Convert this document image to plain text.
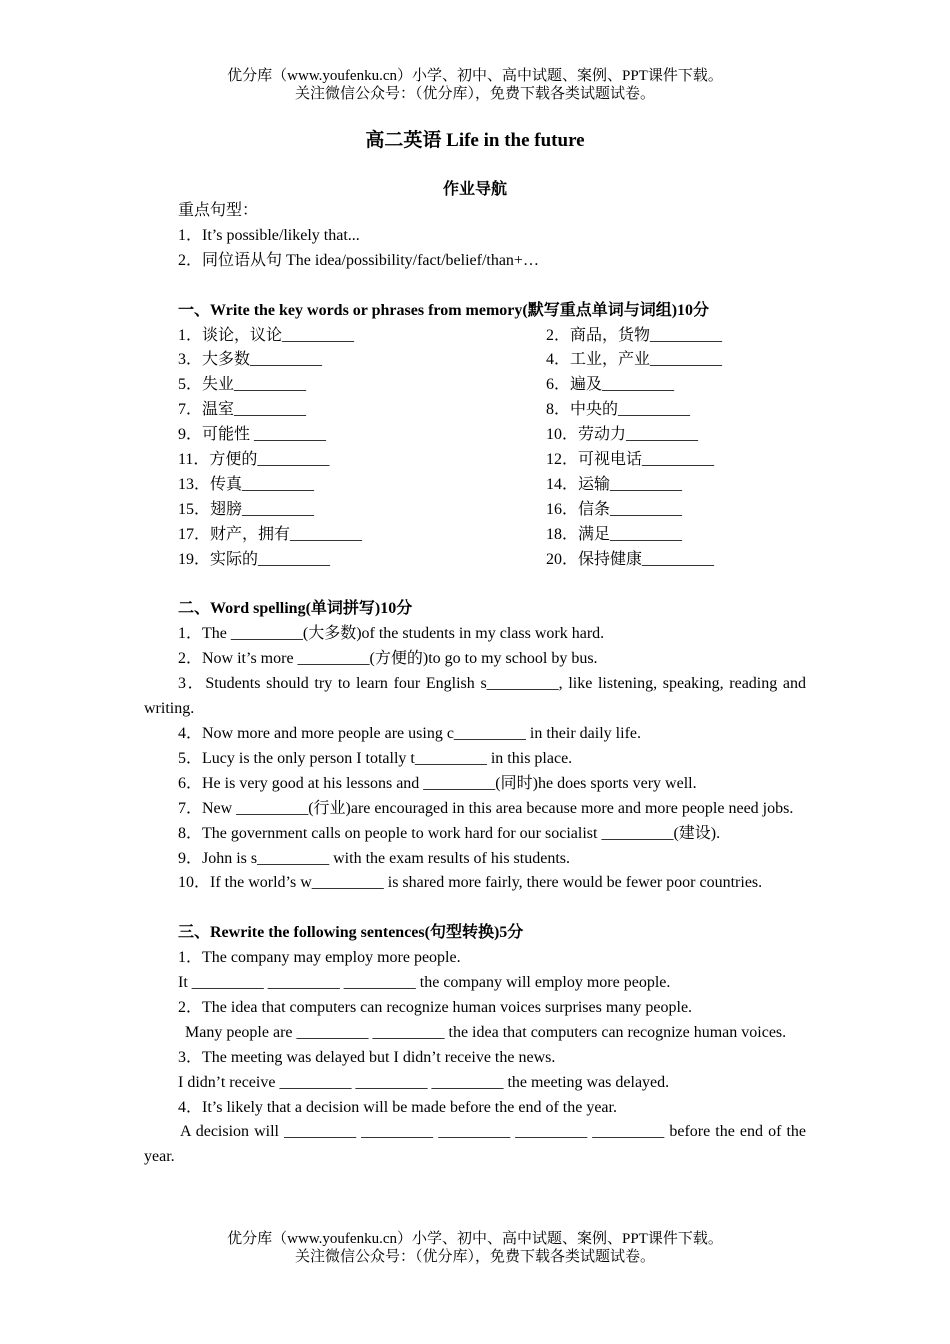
优分库（www.youfenku.cn）小学、初中、高中试题、案例、PPT课件下载。
关注微信公众号：（优分库），免费下载各类试题试卷。
高二英语 Life in the future
作业导航
重点句型：
1．It’s possible/likely that...
2．同位语从句 The idea/possibility/fact/belief/than+…
一、Write the key words or phrases from memory(默写重点单词与词组)10分
1．谈论，议论_________	2．商品，货物_________
3．大多数_________	4．工业，产业_________
5．失业_________	6．遍及_________
7．温室_________	8．中央的_________
9．可能性 _________	10．劳动力_________
11．方便的_________	12．可视电话_________
13．传真_________	14．运输_________
15．翅膀_________	16．信条_________
17．财产，拥有_________	18．满足_________
19．实际的_________	20．保持健康_________
二、Word spelling(单词拼写)10分
1．The _________(大多数)of the students in my class work hard.
2．Now it’s more _________(方便的)to go to my school by bus.
3．Students should try to learn four English s_________, like listening, speaking, reading and writing.
4．Now more and more people are using c_________ in their daily life.
5．Lucy is the only person I totally t_________ in this place.
6．He is very good at his lessons and _________(同时)he does sports very well.
7．New _________(行业)are encouraged in this area because more and more people need jobs.
8．The government calls on people to work hard for our socialist _________(建设).
9．John is s_________ with the exam results of his students.
10．If the world’s w_________ is shared more fairly, there would be fewer poor countries.
三、Rewrite the following sentences(句型转换)5分
1．The company may employ more people.
It _________ _________ _________ the company will employ more people.
2．The idea that computers can recognize human voices surprises many people.
Many people are _________ _________ the idea that computers can recognize human voices.
3．The meeting was delayed but I didn’t receive the news.
I didn’t receive _________ _________ _________ the meeting was delayed.
4．It’s likely that a decision will be made before the end of the year.
A decision will _________ _________ _________ _________ _________ before the end of the year.
优分库（www.youfenku.cn）小学、初中、高中试题、案例、PPT课件下载。
关注微信公众号：（优分库），免费下载各类试题试卷。
